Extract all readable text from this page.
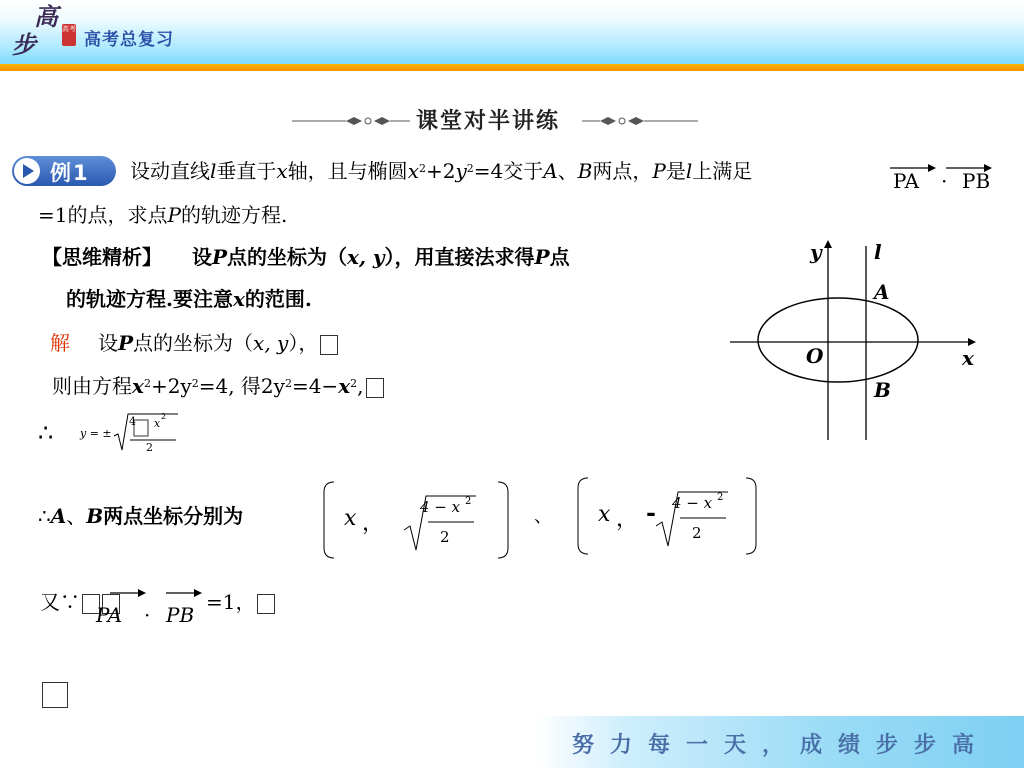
高
步
高考
高考总复习
课堂对半讲练
例1 设动直线l垂直于x轴，且与椭圆$x^2+2y^2=4$交于A、B两点，P是l上满足	PA · PB
=1的点，求点P的轨迹方程.
【思维精析】 设P点的坐标为（x, y），用直接法求得P点
的轨迹方程.要注意x的范围.
解 设P点的坐标为（x, y），
则由方程$x^2+2y^2=4$, 得$2y^2=4-x^2$,
∴ y = ±
4 x
2
2
∴A、B两点坐标分别为	x ，
4 − x 2
2
、 x ， - 4 − x 2
2
又∵
PA · PB
=1，
y	l
A
O	x
B
努力每一天，成绩步步高
